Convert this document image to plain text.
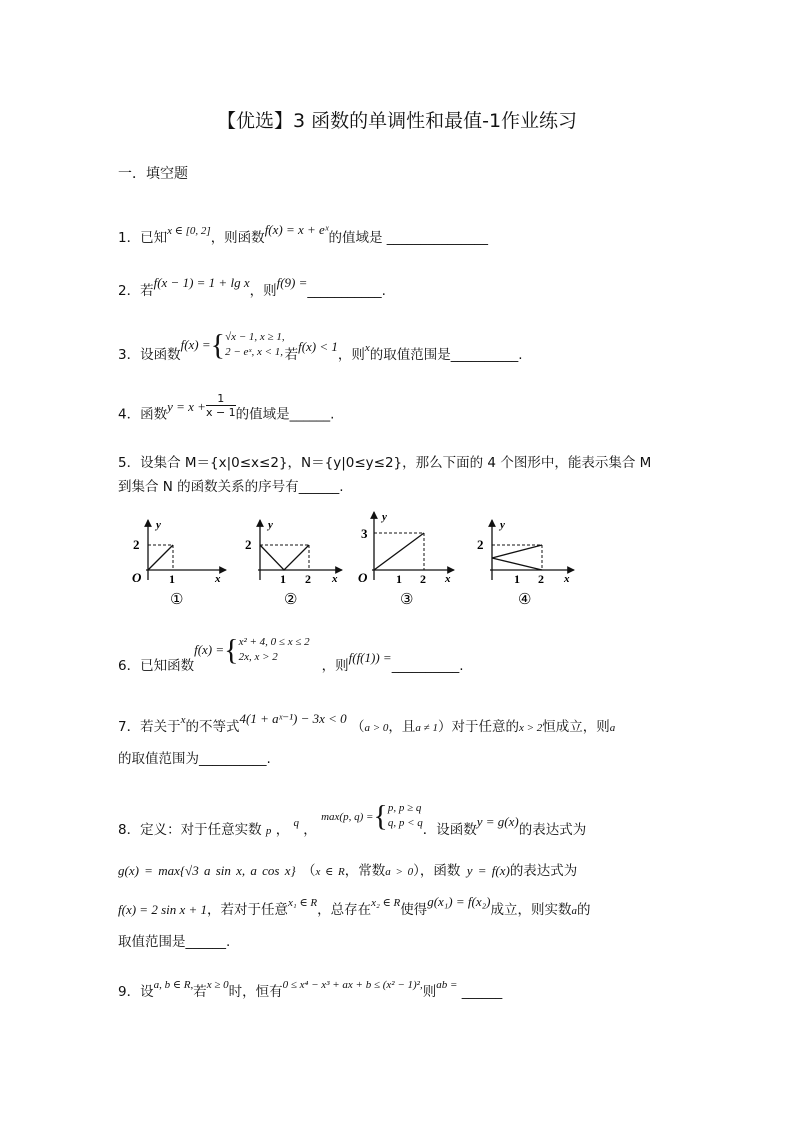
【优选】3 函数的单调性和最值-1作业练习
一．填空题
1．已知$^{x \in [0, 2]}$，则函数f(x) = x + eˣ的值域是 _______________
2．若f(x − 1) = 1 + lg x，则f(9) =___________.
3．设函数f(x) ={ √x − 1, x ≥ 1,
2 − eˣ, x < 1, 若f(x) < 1，则$^x$的取值范围是__________.
4．函数$y = x + \frac{1}{x - 1}$ 的值域是______.
5．设集合 M＝{x|0≤x≤2}，N＝{y|0≤y≤2}，那么下面的 4 个图形中，能表示集合 M
到集合 N 的函数关系的序号有______.
y
x
O
2
1
①
y
x
2
1 2
②
y
x
O
3
1 2
③
y
x
2
1 2
④
6．已知函数f(x) ={ x² + 4, 0 ≤ x ≤ 2
2x, x > 2
，则f(f(1)) =__________.
7．若关于$^x$的不等式4(1 + aˣ⁻¹) − 3x < 0 （a > 0，且a ≠ 1）对于任意的x > 2恒成立，则a
的取值范围为__________.
8．定义：对于任意实数 p ， $^q$ ， max(p, q) ={ p, p ≥ q
q, p < q ．设函数y = g(x)的表达式为
g(x) = max{√3 a sin x, a cos x} （x ∈ R，常数a > 0），函数 y = f(x)的表达式为
f(x) = 2 sin x + 1，若对于任意$^{x_1 \in R}$，总存在$^{x_2 \in R}$使得g(x₁) = f(x₂)成立，则实数a的
取值范围是______.
9．设$^{a, b \in R,}$若$^{x \ge 0}$时，恒有$^{0 \le x^4 - x^3 + ax + b \le (x^2 - 1)^2,}$则$^{ab =}$ ______
